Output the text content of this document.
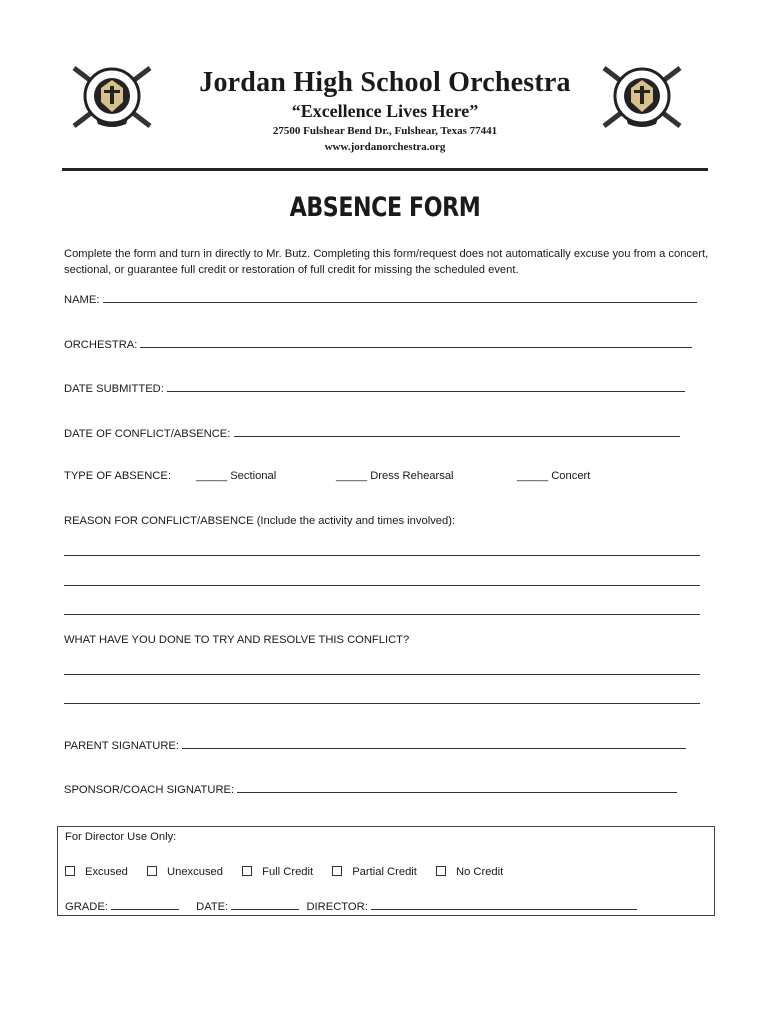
Jordan High School Orchestra
“Excellence Lives Here”
27500 Fulshear Bend Dr., Fulshear, Texas 77441
www.jordanorchestra.org
ABSENCE FORM
Complete the form and turn in directly to Mr. Butz. Completing this form/request does not automatically excuse you from a concert, sectional, or guarantee full credit or restoration of full credit for missing the scheduled event.
NAME:
ORCHESTRA:
DATE SUBMITTED:
DATE OF CONFLICT/ABSENCE:
TYPE OF ABSENCE: _____ Sectional	_____ Dress Rehearsal	_____ Concert
REASON FOR CONFLICT/ABSENCE (Include the activity and times involved):
WHAT HAVE YOU DONE TO TRY AND RESOLVE THIS CONFLICT?
PARENT SIGNATURE:
SPONSOR/COACH SIGNATURE:
For Director Use Only:
Excused	Unexcused	Full Credit	Partial Credit	No Credit
GRADE:	DATE:	DIRECTOR:
